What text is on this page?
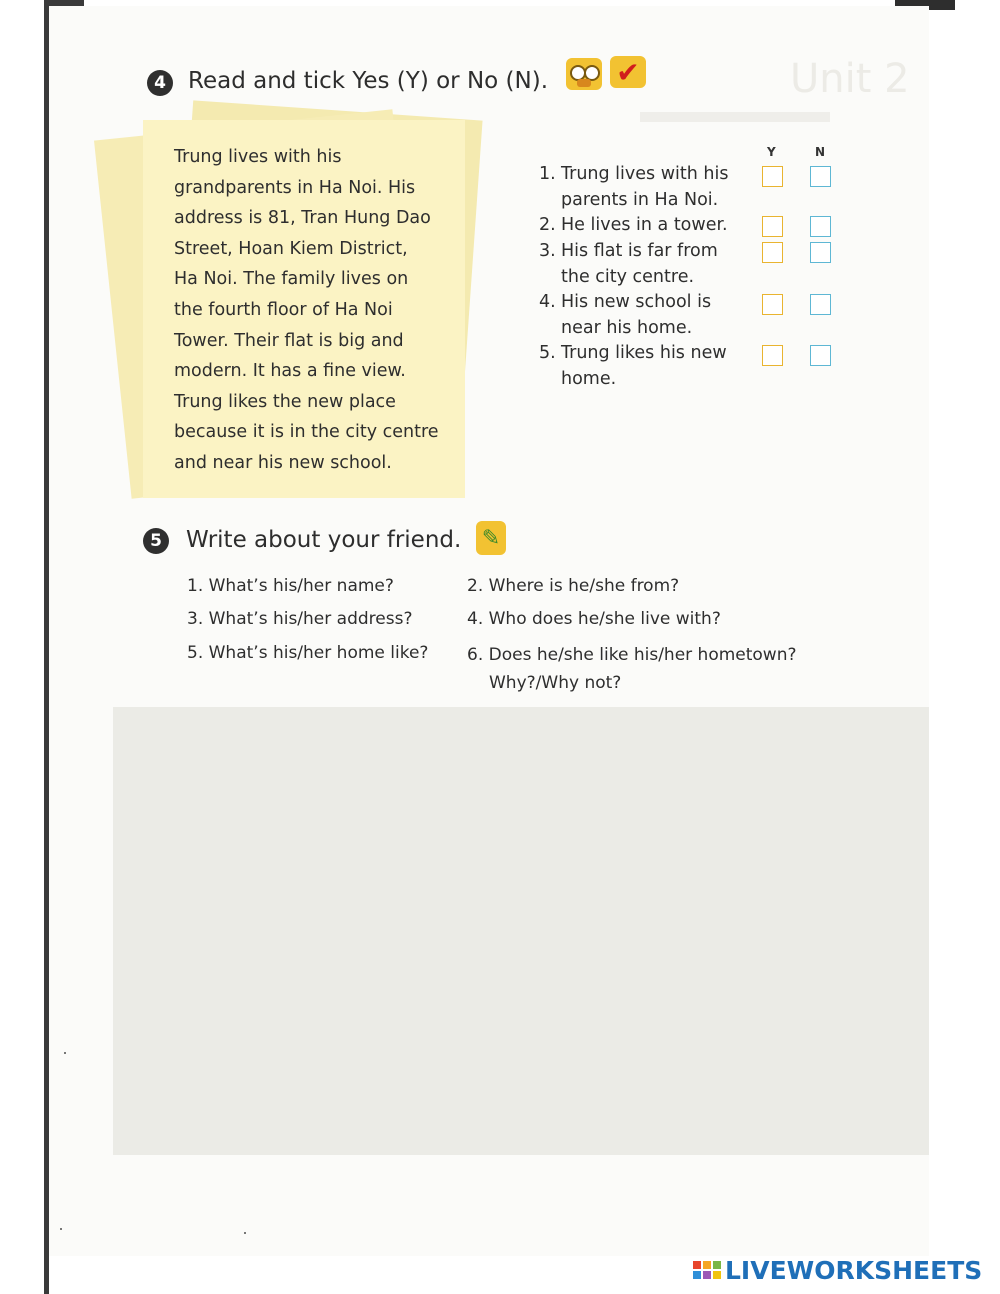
Unit 2
4 Read and tick Yes (Y) or No (N). ✔
Trung lives with his
grandparents in Ha Noi. His
address is 81, Tran Hung Dao
Street, Hoan Kiem District,
Ha Noi. The family lives on
the fourth floor of Ha Noi
Tower. Their flat is big and
modern. It has a fine view.
Trung likes the new place
because it is in the city centre
and near his new school.
Y	N
1. Trung lives with his
parents in Ha Noi.
2. He lives in a tower.
3. His flat is far from
the city centre.
4. His new school is
near his home.
5. Trung likes his new
home.
5	Write about your friend. ✎
1. What’s his/her name?	2. Where is he/she from?
3. What’s his/her address?	4. Who does he/she live with?
5. What’s his/her home like? 6. Does he/she like his/her hometown?
Why?/Why not?
LIVEWORKSHEETS
